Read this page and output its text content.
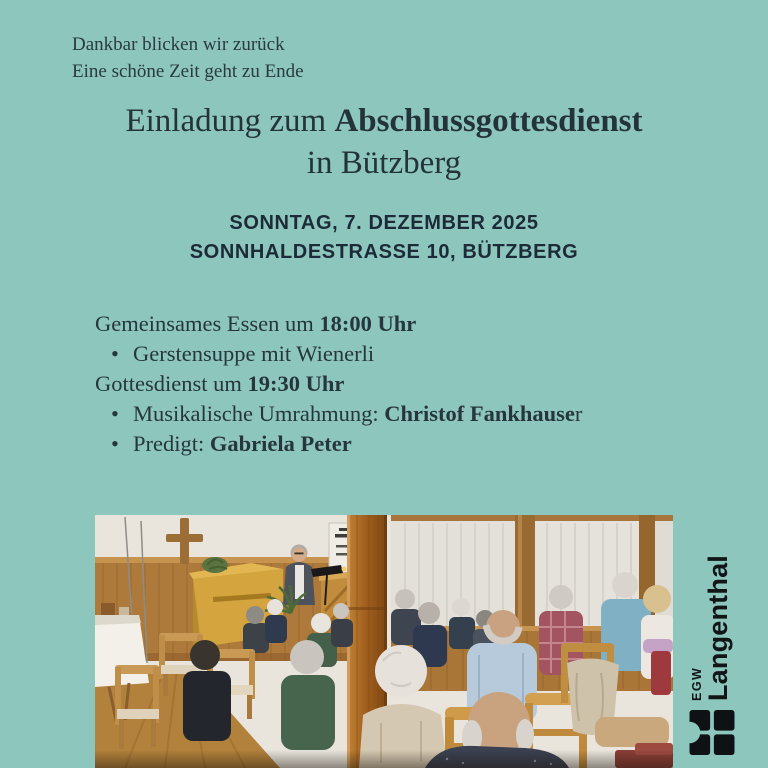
Dankbar blicken wir zurück
Eine schöne Zeit geht zu Ende
Einladung zum Abschlussgottesdienst
in Bützberg
SONNTAG, 7. DEZEMBER 2025
SONNHALDESTRASSE 10, BÜTZBERG
Gemeinsames Essen um 18:00 Uhr
• Gerstensuppe mit Wienerli
Gottesdienst um 19:30 Uhr
• Musikalische Umrahmung: Christof Fankhauser
• Predigt: Gabriela Peter
EGW
Langenthal
